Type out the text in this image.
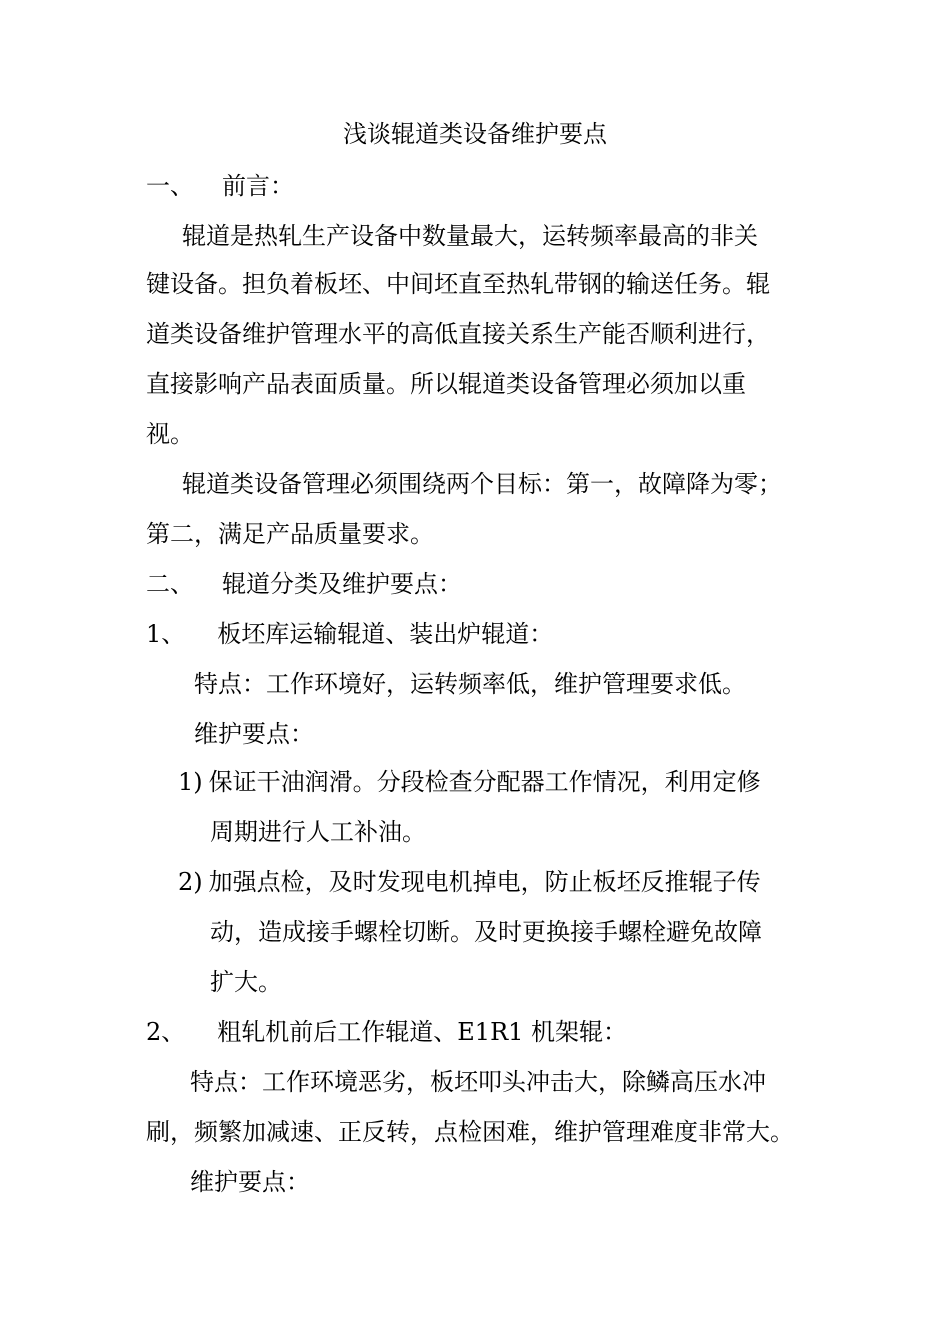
浅谈辊道类设备维护要点
一、 前言：
辊道是热轧生产设备中数量最大，运转频率最高的非关
键设备。担负着板坯、中间坯直至热轧带钢的输送任务。辊
道类设备维护管理水平的高低直接关系生产能否顺利进行，
直接影响产品表面质量。所以辊道类设备管理必须加以重
视。
辊道类设备管理必须围绕两个目标：第一，故障降为零；
第二，满足产品质量要求。
二、 辊道分类及维护要点：
1、 板坯库运输辊道、装出炉辊道：
特点：工作环境好，运转频率低，维护管理要求低。
维护要点：
1) 保证干油润滑。分段检查分配器工作情况，利用定修
周期进行人工补油。
2) 加强点检，及时发现电机掉电，防止板坯反推辊子传
动，造成接手螺栓切断。及时更换接手螺栓避免故障
扩大。
2、 粗轧机前后工作辊道、E1R1 机架辊：
特点：工作环境恶劣，板坯叩头冲击大，除鳞高压水冲
刷，频繁加减速、正反转，点检困难，维护管理难度非常大。
维护要点：
